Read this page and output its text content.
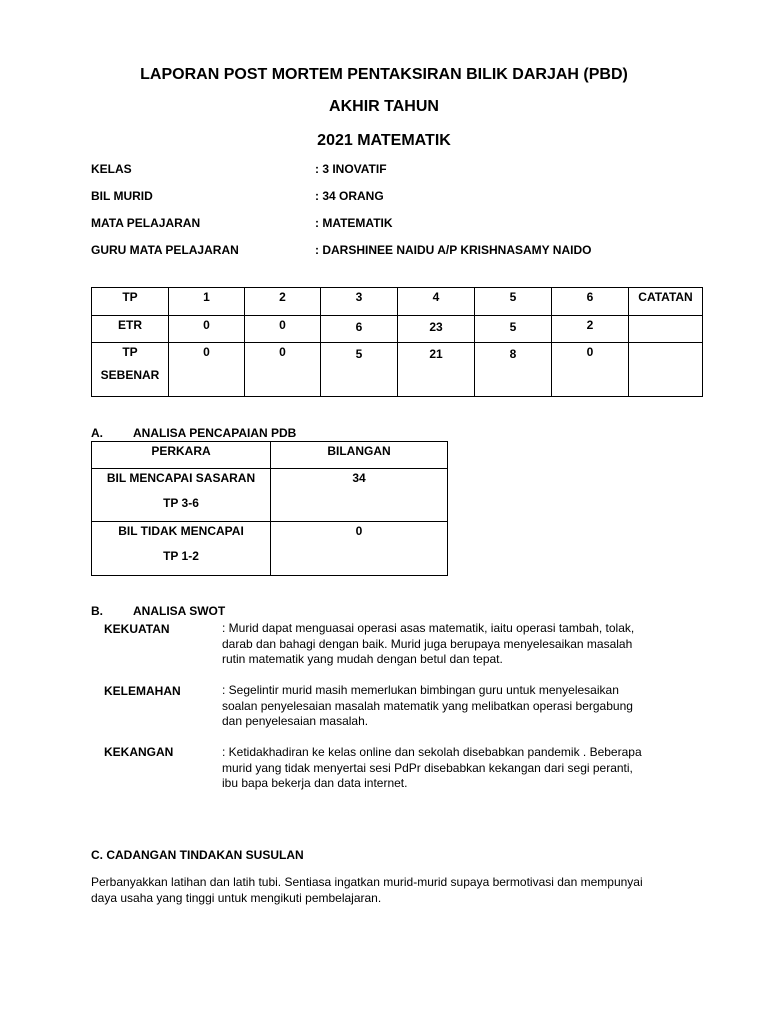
LAPORAN POST MORTEM PENTAKSIRAN BILIK DARJAH (PBD)
AKHIR TAHUN
2021 MATEMATIK
KELAS	: 3 INOVATIF
BIL MURID	: 34 ORANG
MATA PELAJARAN	: MATEMATIK
GURU MATA PELAJARAN	: DARSHINEE NAIDU A/P KRISHNASAMY NAIDO
TP	1	2	3	4	5	6	CATATAN

ETR	0	0	6	23	5	2	

TP
SEBENAR	0	0	5	21	8	0	

A.	ANALISA PENCAPAIAN PDB
PERKARA	BILANGAN

BIL MENCAPAI SASARAN
TP 3-6	34

BIL TIDAK MENCAPAI
TP 1-2	0
B.	ANALISA SWOT
KEKUATAN	: Murid dapat menguasai operasi asas matematik, iaitu operasi tambah, tolak,
darab dan bahagi dengan baik. Murid juga berupaya menyelesaikan masalah
rutin matematik yang mudah dengan betul dan tepat.
KELEMAHAN	: Segelintir murid masih memerlukan bimbingan guru untuk menyelesaikan
soalan penyelesaian masalah matematik yang melibatkan operasi bergabung
dan penyelesaian masalah.
KEKANGAN	: Ketidakhadiran ke kelas online dan sekolah disebabkan pandemik . Beberapa
murid yang tidak menyertai sesi PdPr disebabkan kekangan dari segi peranti,
ibu bapa bekerja dan data internet.
C. CADANGAN TINDAKAN SUSULAN
Perbanyakkan latihan dan latih tubi. Sentiasa ingatkan murid-murid supaya bermotivasi dan mempunyai
daya usaha yang tinggi untuk mengikuti pembelajaran.
